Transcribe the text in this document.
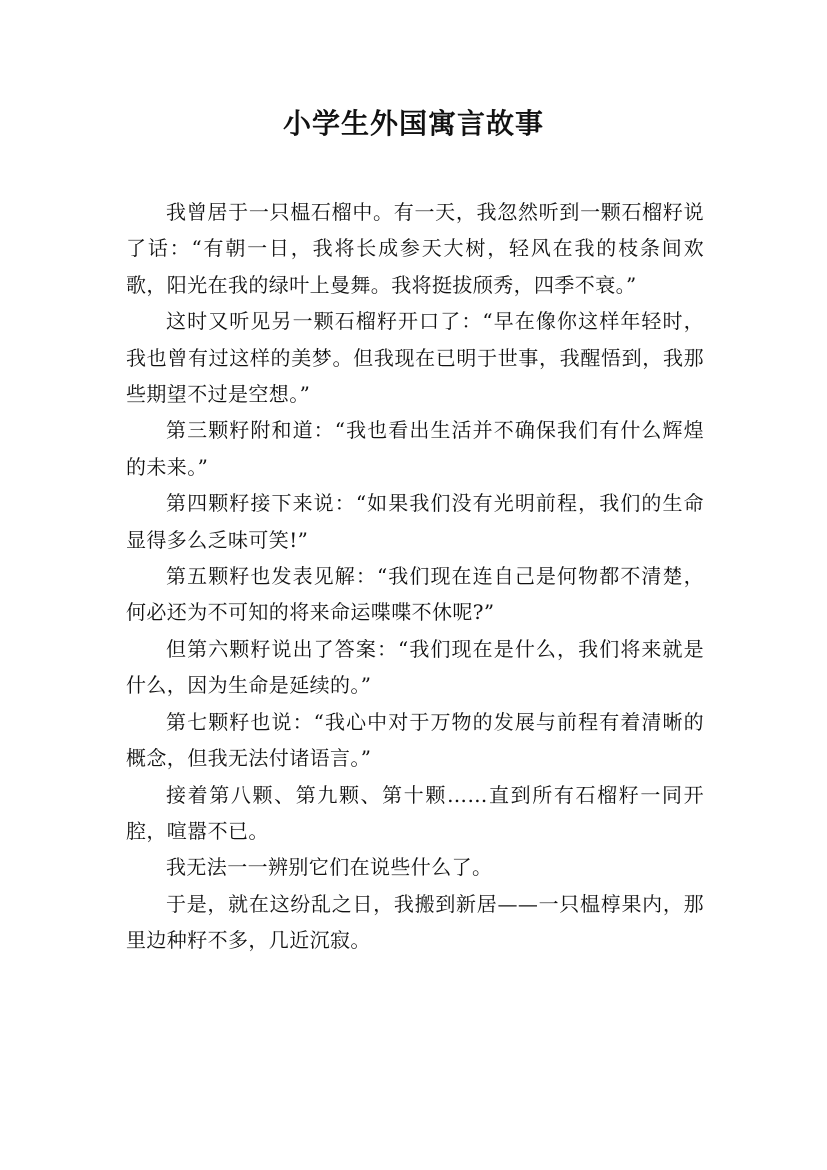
小学生外国寓言故事

我曾居于一只榅石榴中。有一天，我忽然听到一颗石榴籽说了话：“有朝一日，我将长成参天大树，轻风在我的枝条间欢歌，阳光在我的绿叶上曼舞。我将挺拔颀秀，四季不衰。”

这时又听见另一颗石榴籽开口了：“早在像你这样年轻时，我也曾有过这样的美梦。但我现在已明于世事，我醒悟到，我那些期望不过是空想。”

第三颗籽附和道：“我也看出生活并不确保我们有什么辉煌的未来。”

第四颗籽接下来说：“如果我们没有光明前程，我们的生命显得多么乏味可笑!”

第五颗籽也发表见解：“我们现在连自己是何物都不清楚，何必还为不可知的将来命运喋喋不休呢?”

但第六颗籽说出了答案：“我们现在是什么，我们将来就是什么，因为生命是延续的。”

第七颗籽也说：“我心中对于万物的发展与前程有着清晰的概念，但我无法付诸语言。”

接着第八颗、第九颗、第十颗……直到所有石榴籽一同开腔，喧嚣不已。

我无法一一辨别它们在说些什么了。

于是，就在这纷乱之日，我搬到新居——一只榅椁果内，那里边种籽不多，几近沉寂。
